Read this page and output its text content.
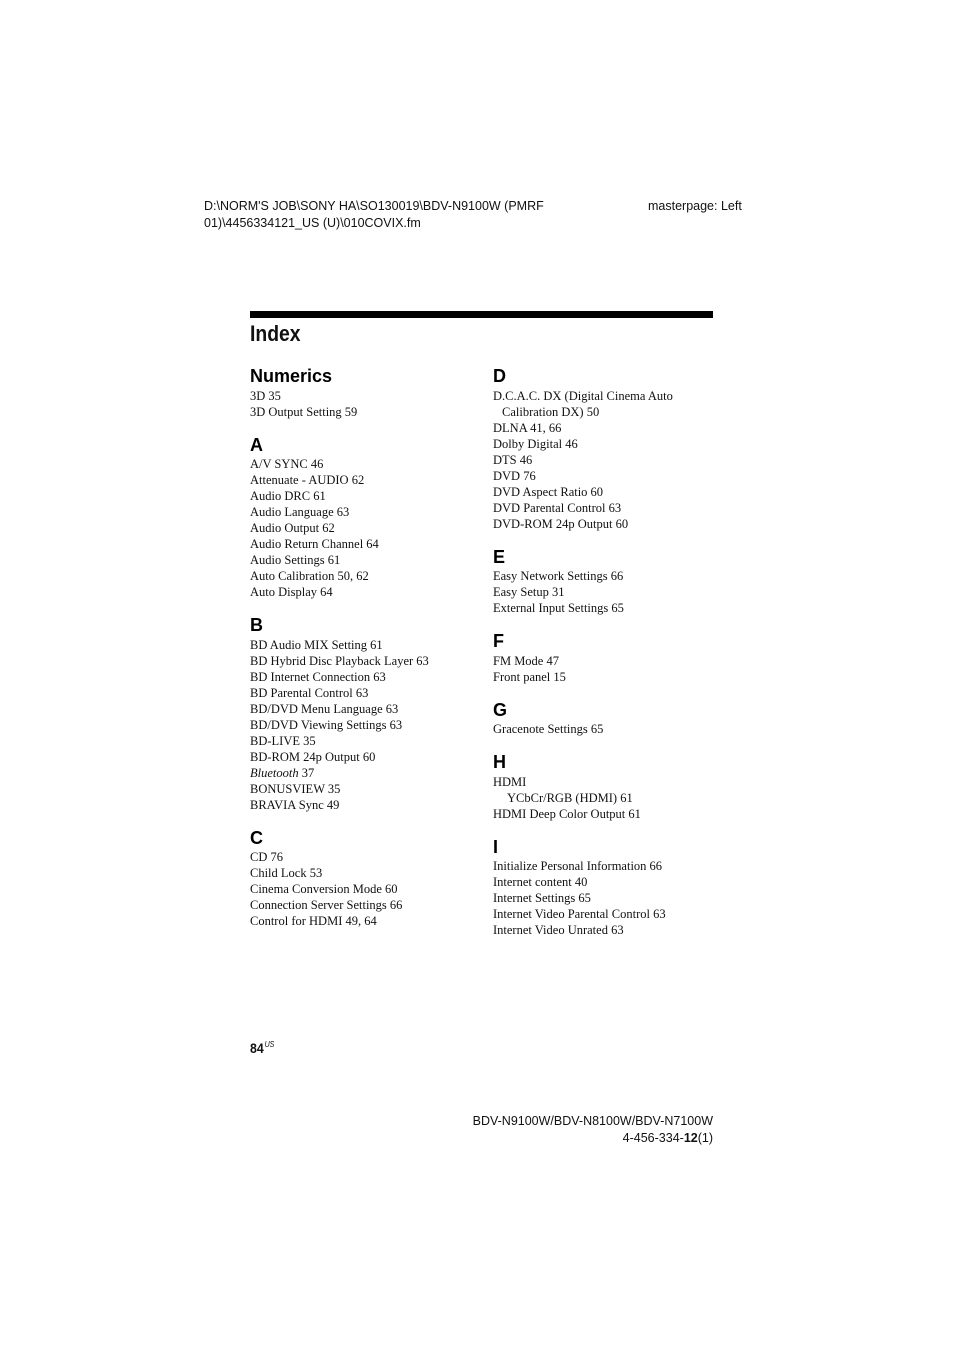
D:\NORM'S JOB\SONY HA\SO130019\BDV-N9100W (PMRF
01)\4456334121_US (U)\010COVIX.fm
masterpage: Left
Index
Numerics
3D 35
3D Output Setting 59
A
A/V SYNC 46
Attenuate - AUDIO 62
Audio DRC 61
Audio Language 63
Audio Output 62
Audio Return Channel 64
Audio Settings 61
Auto Calibration 50, 62
Auto Display 64
B
BD Audio MIX Setting 61
BD Hybrid Disc Playback Layer 63
BD Internet Connection 63
BD Parental Control 63
BD/DVD Menu Language 63
BD/DVD Viewing Settings 63
BD-LIVE 35
BD-ROM 24p Output 60
Bluetooth 37
BONUSVIEW 35
BRAVIA Sync 49
C
CD 76
Child Lock 53
Cinema Conversion Mode 60
Connection Server Settings 66
Control for HDMI 49, 64
D
D.C.A.C. DX (Digital Cinema Auto Calibration DX) 50
DLNA 41, 66
Dolby Digital 46
DTS 46
DVD 76
DVD Aspect Ratio 60
DVD Parental Control 63
DVD-ROM 24p Output 60
E
Easy Network Settings 66
Easy Setup 31
External Input Settings 65
F
FM Mode 47
Front panel 15
G
Gracenote Settings 65
H
HDMI
YCbCr/RGB (HDMI) 61
HDMI Deep Color Output 61
I
Initialize Personal Information 66
Internet content 40
Internet Settings 65
Internet Video Parental Control 63
Internet Video Unrated 63
$84^{US}$
BDV-N9100W/BDV-N8100W/BDV-N7100W
4-456-334-12(1)
